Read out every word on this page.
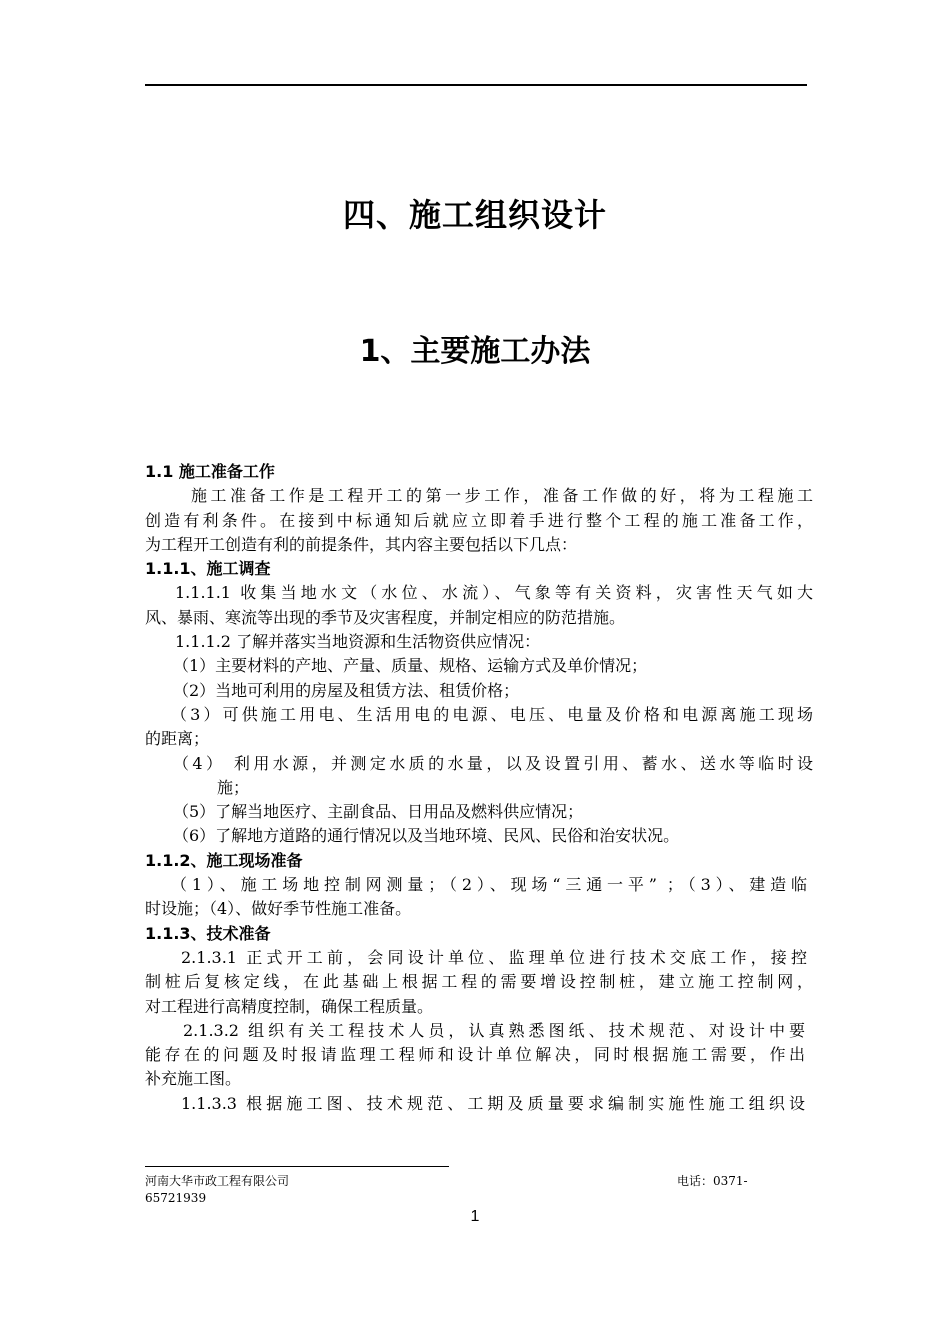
四、施工组织设计
1、主要施工办法
1.1 施工准备工作
施工准备工作是工程开工的第一步工作，准备工作做的好，将为工程施工
创造有利条件。在接到中标通知后就应立即着手进行整个工程的施工准备工作，
为工程开工创造有利的前提条件，其内容主要包括以下几点：
1.1.1、施工调查
1.1.1.1 收集当地水文（水位、水流）、气象等有关资料，灾害性天气如大
风、暴雨、寒流等出现的季节及灾害程度，并制定相应的防范措施。
1.1.1.2 了解并落实当地资源和生活物资供应情况：
（1）主要材料的产地、产量、质量、规格、运输方式及单价情况；
（2）当地可利用的房屋及租赁方法、租赁价格；
（3）可供施工用电、生活用电的电源、电压、电量及价格和电源离施工现场
的距离；
（4） 利用水源，并测定水质的水量，以及设置引用、蓄水、送水等临时设
施；
（5）了解当地医疗、主副食品、日用品及燃料供应情况；
（6）了解地方道路的通行情况以及当地环境、民风、民俗和治安状况。
1.1.2、施工现场准备
（1）、施工场地控制网测量；（2）、现场“三通一平” ；（3）、建造临
时设施；（4）、做好季节性施工准备。
1.1.3、技术准备
2.1.3.1 正式开工前，会同设计单位、监理单位进行技术交底工作，接控
制桩后复核定线，在此基础上根据工程的需要增设控制桩，建立施工控制网，
对工程进行高精度控制，确保工程质量。
2.1.3.2 组织有关工程技术人员，认真熟悉图纸、技术规范、对设计中要
能存在的问题及时报请监理工程师和设计单位解决，同时根据施工需要，作出
补充施工图。
1.1.3.3 根据施工图、技术规范、工期及质量要求编制实施性施工组织设
河南大华市政工程有限公司
65721939
电话：0371-
1
